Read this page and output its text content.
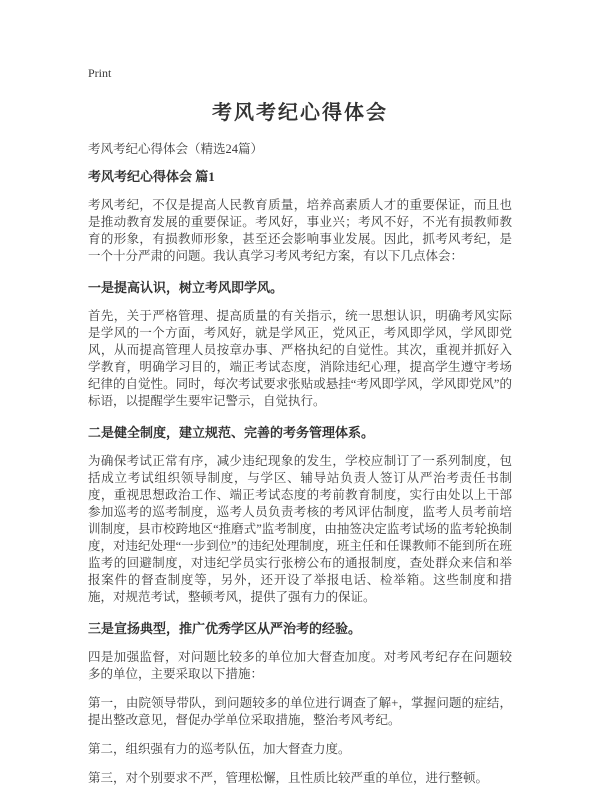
Print
考风考纪心得体会

考风考纪心得体会（精选24篇）

考风考纪心得体会 篇1

考风考纪，不仅是提高人民教育质量，培养高素质人才的重要保证，而且也是推动教育发展的重要保证。考风好，事业兴；考风不好，不光有损教师教育的形象，有损教师形象，甚至还会影响事业发展。因此，抓考风考纪，是一个十分严肃的问题。我认真学习考风考纪方案，有以下几点体会：

一是提高认识，树立考风即学风。

首先，关于严格管理、提高质量的有关指示，统一思想认识，明确考风实际是学风的一个方面，考风好，就是学风正，党风正，考风即学风，学风即党风，从而提高管理人员按章办事、严格执纪的自觉性。其次，重视并抓好入学教育，明确学习目的，端正考试态度，消除违纪心理，提高学生遵守考场纪律的自觉性。同时，每次考试要求张贴或悬挂“考风即学风，学风即党风”的标语，以提醒学生要牢记警示，自觉执行。

二是健全制度，建立规范、完善的考务管理体系。

为确保考试正常有序，减少违纪现象的发生，学校应制订了一系列制度，包括成立考试组织领导制度，与学区、辅导站负责人签订从严治考责任书制度，重视思想政治工作、端正考试态度的考前教育制度，实行由处以上干部参加巡考的巡考制度，巡考人员负责考核的考风评估制度，监考人员考前培训制度，县市校跨地区“推磨式”监考制度，由抽签决定监考试场的监考轮换制度，对违纪处理“一步到位”的违纪处理制度，班主任和任课教师不能到所在班监考的回避制度，对违纪学员实行张榜公布的通报制度，查处群众来信和举报案件的督查制度等，另外，还开设了举报电话、检举箱。这些制度和措施，对规范考试，整顿考风，提供了强有力的保证。

三是宣扬典型，推广优秀学区从严治考的经验。

四是加强监督，对问题比较多的单位加大督查加度。对考风考纪存在问题较多的单位，主要采取以下措施：

第一，由院领导带队，到问题较多的单位进行调查了解+，掌握问题的症结，提出整改意见，督促办学单位采取措施，整治考风考纪。

第二，组织强有力的巡考队伍，加大督查力度。

第三，对个别要求不严，管理松懈，且性质比较严重的单位，进行整顿。
